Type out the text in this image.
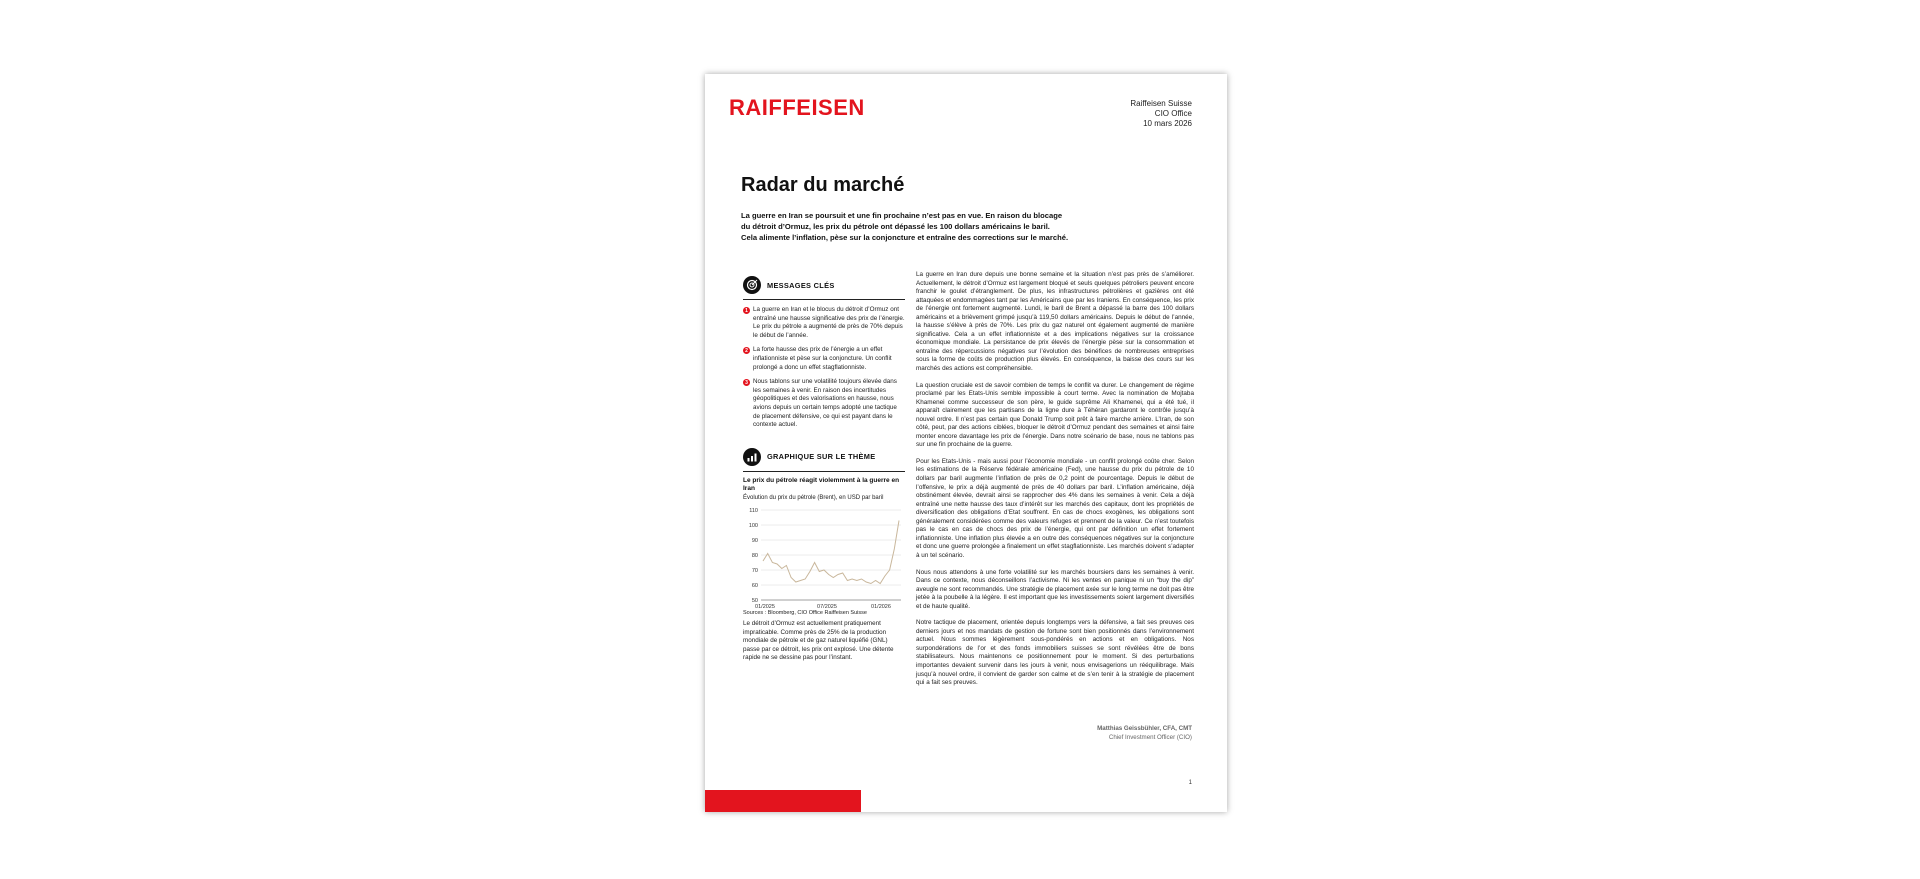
RAIFFEISEN	Raiffeisen Suisse
CIO Office
10 mars 2026
Radar du marché
La guerre en Iran se poursuit et une fin prochaine n’est pas en vue. En raison du blocage
du détroit d’Ormuz, les prix du pétrole ont dépassé les 100 dollars américains le baril.
Cela alimente l’inflation, pèse sur la conjoncture et entraîne des corrections sur le marché.
MESSAGES CLÉS
1 La guerre en Iran et le blocus du détroit d’Ormuz ont entraîné une hausse significative des prix de l’énergie. Le prix du pétrole a augmenté de près de 70% depuis le début de l’année.
2 La forte hausse des prix de l’énergie a un effet inflationniste et pèse sur la conjoncture. Un conflit prolongé a donc un effet stagflationniste.
3 Nous tablons sur une volatilité toujours élevée dans les semaines à venir. En raison des incertitudes géopolitiques et des valorisations en hausse, nous avions depuis un certain temps adopté une tactique de placement défensive, ce qui est payant dans le contexte actuel.
GRAPHIQUE SUR LE THÈME
Le prix du pétrole réagit violemment à la guerre en Iran
Évolution du prix du pétrole (Brent), en USD par baril
50
60
70
80
90
100
110
01/2025	07/2025	01/2026
Sources : Bloomberg, CIO Office Raiffeisen Suisse
Le détroit d’Ormuz est actuellement pratiquement impraticable. Comme près de 25% de la production mondiale de pétrole et de gaz naturel liquéfié (GNL) passe par ce détroit, les prix ont explosé. Une détente rapide ne se dessine pas pour l’instant.

La guerre en Iran dure depuis une bonne semaine et la situation n’est pas près de s’améliorer. Actuellement, le détroit d’Ormuz est largement bloqué et seuls quelques pétroliers peuvent encore franchir le goulet d’étranglement. De plus, les infrastructures pétrolières et gazières ont été attaquées et endommagées tant par les Américains que par les Iraniens. En conséquence, les prix de l’énergie ont fortement augmenté. Lundi, le baril de Brent a dépassé la barre des 100 dollars américains et a brièvement grimpé jusqu’à 119,50 dollars américains. Depuis le début de l’année, la hausse s’élève à près de 70%. Les prix du gaz naturel ont également augmenté de manière significative. Cela a un effet inflationniste et a des implications négatives sur la croissance économique mondiale. La persistance de prix élevés de l’énergie pèse sur la consommation et entraîne des répercussions négatives sur l’évolution des bénéfices de nombreuses entreprises sous la forme de coûts de production plus élevés. En conséquence, la baisse des cours sur les marchés des actions est compréhensible.

La question cruciale est de savoir combien de temps le conflit va durer. Le changement de régime proclamé par les Etats-Unis semble impossible à court terme. Avec la nomination de Mojtaba Khamenei comme successeur de son père, le guide suprême Ali Khamenei, qui a été tué, il apparaît clairement que les partisans de la ligne dure à Téhéran gardaront le contrôle jusqu’à nouvel ordre. Il n’est pas certain que Donald Trump soit prêt à faire marche arrière. L’Iran, de son côté, peut, par des actions ciblées, bloquer le détroit d’Ormuz pendant des semaines et ainsi faire monter encore davantage les prix de l’énergie. Dans notre scénario de base, nous ne tablons pas sur une fin prochaine de la guerre.

Pour les Etats-Unis - mais aussi pour l’économie mondiale - un conflit prolongé coûte cher. Selon les estimations de la Réserve fédérale américaine (Fed), une hausse du prix du pétrole de 10 dollars par baril augmente l’inflation de près de 0,2 point de pourcentage. Depuis le début de l’offensive, le prix a déjà augmenté de près de 40 dollars par baril. L’inflation américaine, déjà obstinément élevée, devrait ainsi se rapprocher des 4% dans les semaines à venir. Cela a déjà entraîné une nette hausse des taux d’intérêt sur les marchés des capitaux, dont les propriétés de diversification des obligations d’Etat souffrent. En cas de chocs exogènes, les obligations sont généralement considérées comme des valeurs refuges et prennent de la valeur. Ce n’est toutefois pas le cas en cas de chocs des prix de l’énergie, qui ont par définition un effet fortement inflationniste. Une inflation plus élevée a en outre des conséquences négatives sur la conjoncture et donc une guerre prolongée a finalement un effet stagflationniste. Les marchés doivent s’adapter à un tel scénario.

Nous nous attendons à une forte volatilité sur les marchés boursiers dans les semaines à venir. Dans ce contexte, nous déconseillons l’activisme. Ni les ventes en panique ni un “buy the dip” aveugle ne sont recommandés. Une stratégie de placement axée sur le long terme ne doit pas être jetée à la poubelle à la légère. Il est important que les investissements soient largement diversifiés et de haute qualité.

Notre tactique de placement, orientée depuis longtemps vers la défensive, a fait ses preuves ces derniers jours et nos mandats de gestion de fortune sont bien positionnés dans l’environnement actuel. Nous sommes légèrement sous-pondérés en actions et en obligations. Nos surpondérations de l’or et des fonds immobiliers suisses se sont révélées être de bons stabilisateurs. Nous maintenons ce positionnement pour le moment. Si des perturbations importantes devaient survenir dans les jours à venir, nous envisagerions un rééquilibrage. Mais jusqu’à nouvel ordre, il convient de garder son calme et de s’en tenir à la stratégie de placement qui a fait ses preuves.

Matthias Geissbühler, CFA, CMT
Chief Investment Officer (CIO)
1
